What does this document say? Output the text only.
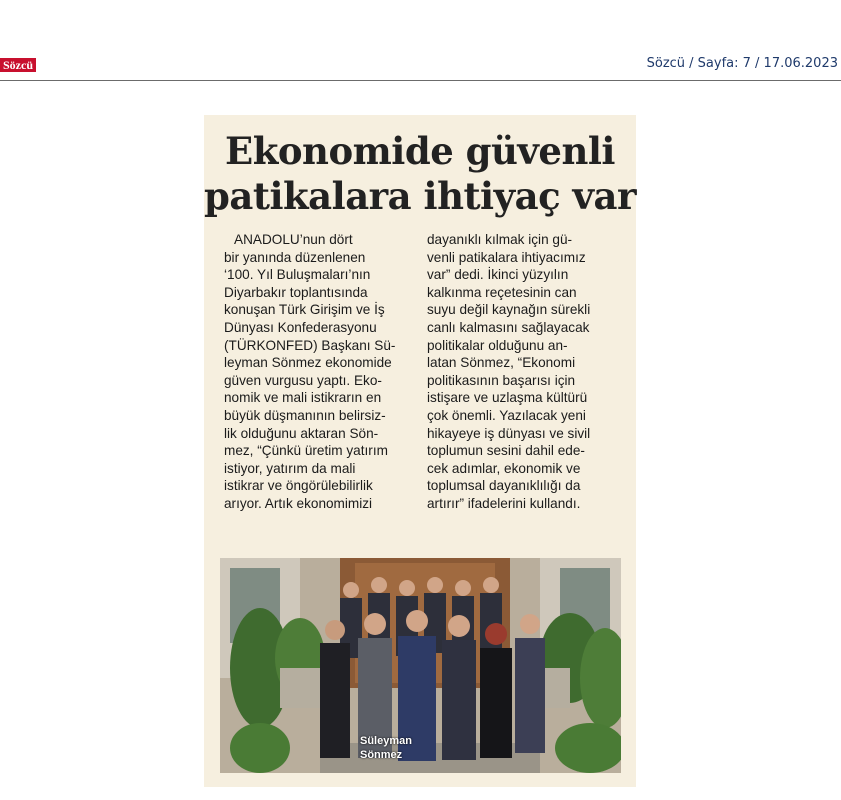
Sözcü	Sözcü / Sayfa: 7 / 17.06.2023
Ekonomide güvenli
patikalara ihtiyaç var
ANADOLU’nun dört
bir yanında düzenlenen
‘100. Yıl Buluşmaları’nın
Diyarbakır toplantısında
konuşan Türk Girişim ve İş
Dünyası Konfederasyonu
(TÜRKONFED) Başkanı Sü-
leyman Sönmez ekonomide
güven vurgusu yaptı. Eko-
nomik ve mali istikrarın en
büyük düşmanının belirsiz-
lik olduğunu aktaran Sön-
mez, “Çünkü üretim yatırım
istiyor, yatırım da mali
istikrar ve öngörülebilirlik
arıyor. Artık ekonomimizi
dayanıklı kılmak için gü-
venli patikalara ihtiyacımız
var” dedi. İkinci yüzyılın
kalkınma reçetesinin can
suyu değil kaynağın sürekli
canlı kalmasını sağlayacak
politikalar olduğunu an-
latan Sönmez, “Ekonomi
politikasının başarısı için
istişare ve uzlaşma kültürü
çok önemli. Yazılacak yeni
hikayeye iş dünyası ve sivil
toplumun sesini dahil ede-
cek adımlar, ekonomik ve
toplumsal dayanıklılığı da
artırır” ifadelerini kullandı.
Süleyman
Sönmez
